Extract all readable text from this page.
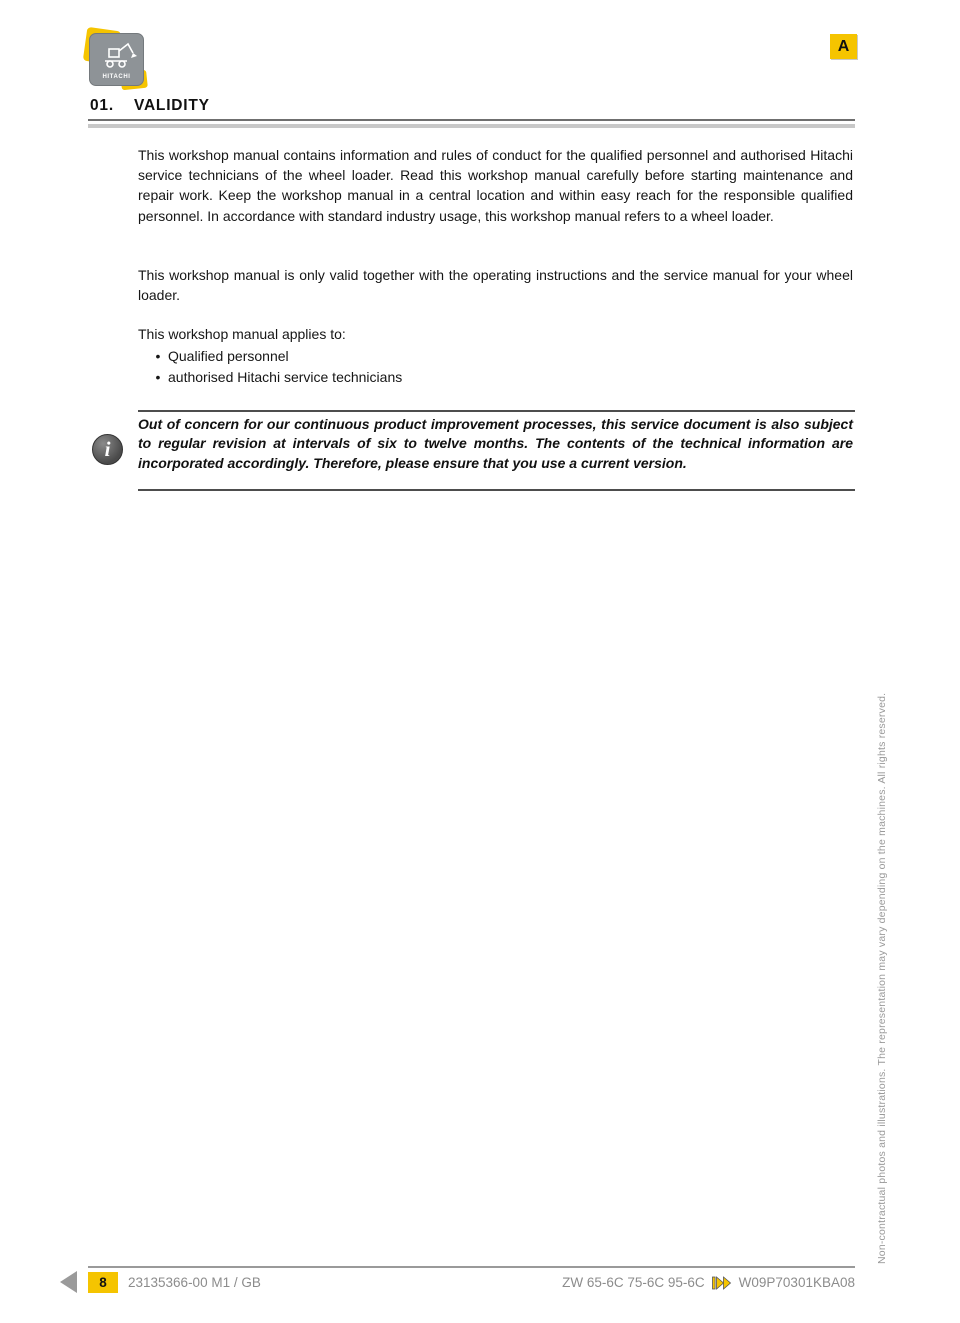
HITACHI
A
01. VALIDITY

This workshop manual contains information and rules of conduct for the qualified personnel and authorised Hitachi service technicians of the wheel loader. Read this workshop manual carefully before starting maintenance and repair work. Keep the workshop manual in a central location and within easy reach for the responsible qualified personnel. In accordance with standard industry usage, this workshop manual refers to a wheel loader.

This workshop manual is only valid together with the operating instructions and the service manual for your wheel loader.

This workshop manual applies to:
• Qualified personnel
• authorised Hitachi service technicians
i

Out of concern for our continuous product improvement processes, this service document is also subject to regular revision at intervals of six to twelve months. The contents of the technical information are incorporated accordingly. Therefore, please ensure that you use a current version.

Non-contractual photos and illustrations. The representation may vary depending on the machines. All rights reserved.
8 23135366-00 M1 / GB	ZW 65-6C 75-6C 95-6C	W09P70301KBA08
